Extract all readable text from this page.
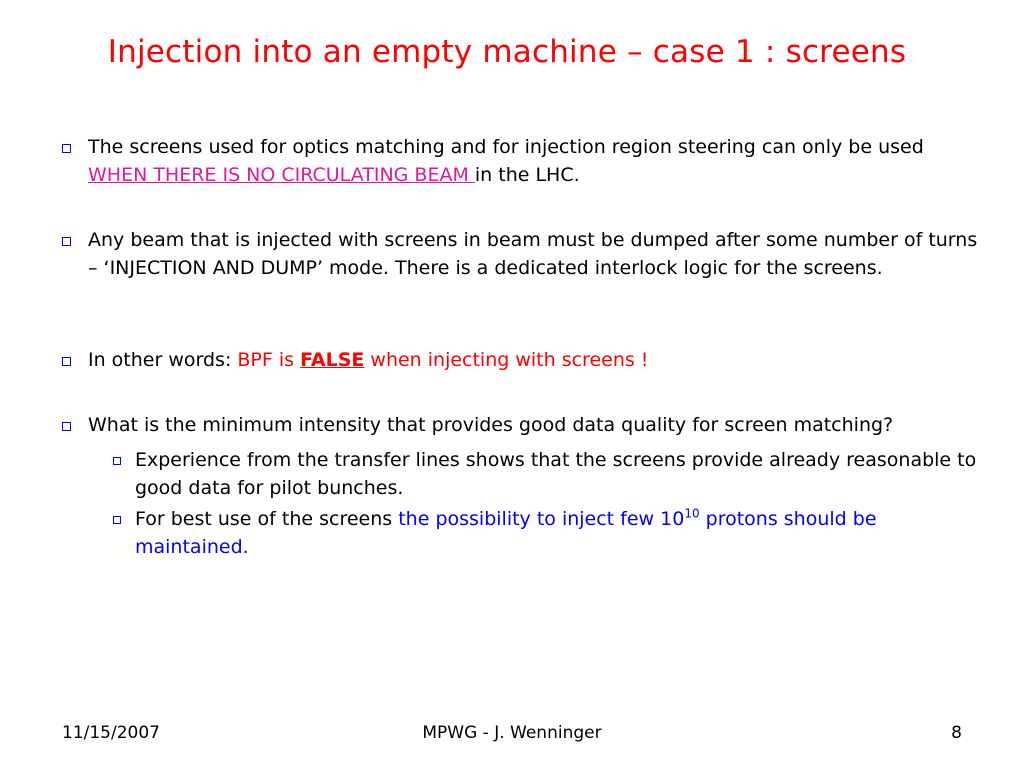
Injection into an empty machine – case 1 : screens
The screens used for optics matching and for injection region steering can only be used WHEN THERE IS NO CIRCULATING BEAM in the LHC.
Any beam that is injected with screens in beam must be dumped after some number of turns – ‘INJECTION AND DUMP’ mode. There is a dedicated interlock logic for the screens.
In other words: BPF is FALSE when injecting with screens !
What is the minimum intensity that provides good data quality for screen matching?
Experience from the transfer lines shows that the screens provide already reasonable to good data for pilot bunches.
For best use of the screens the possibility to inject few $10^{10}$ protons should be maintained.
11/15/2007	MPWG - J. Wenninger	8
